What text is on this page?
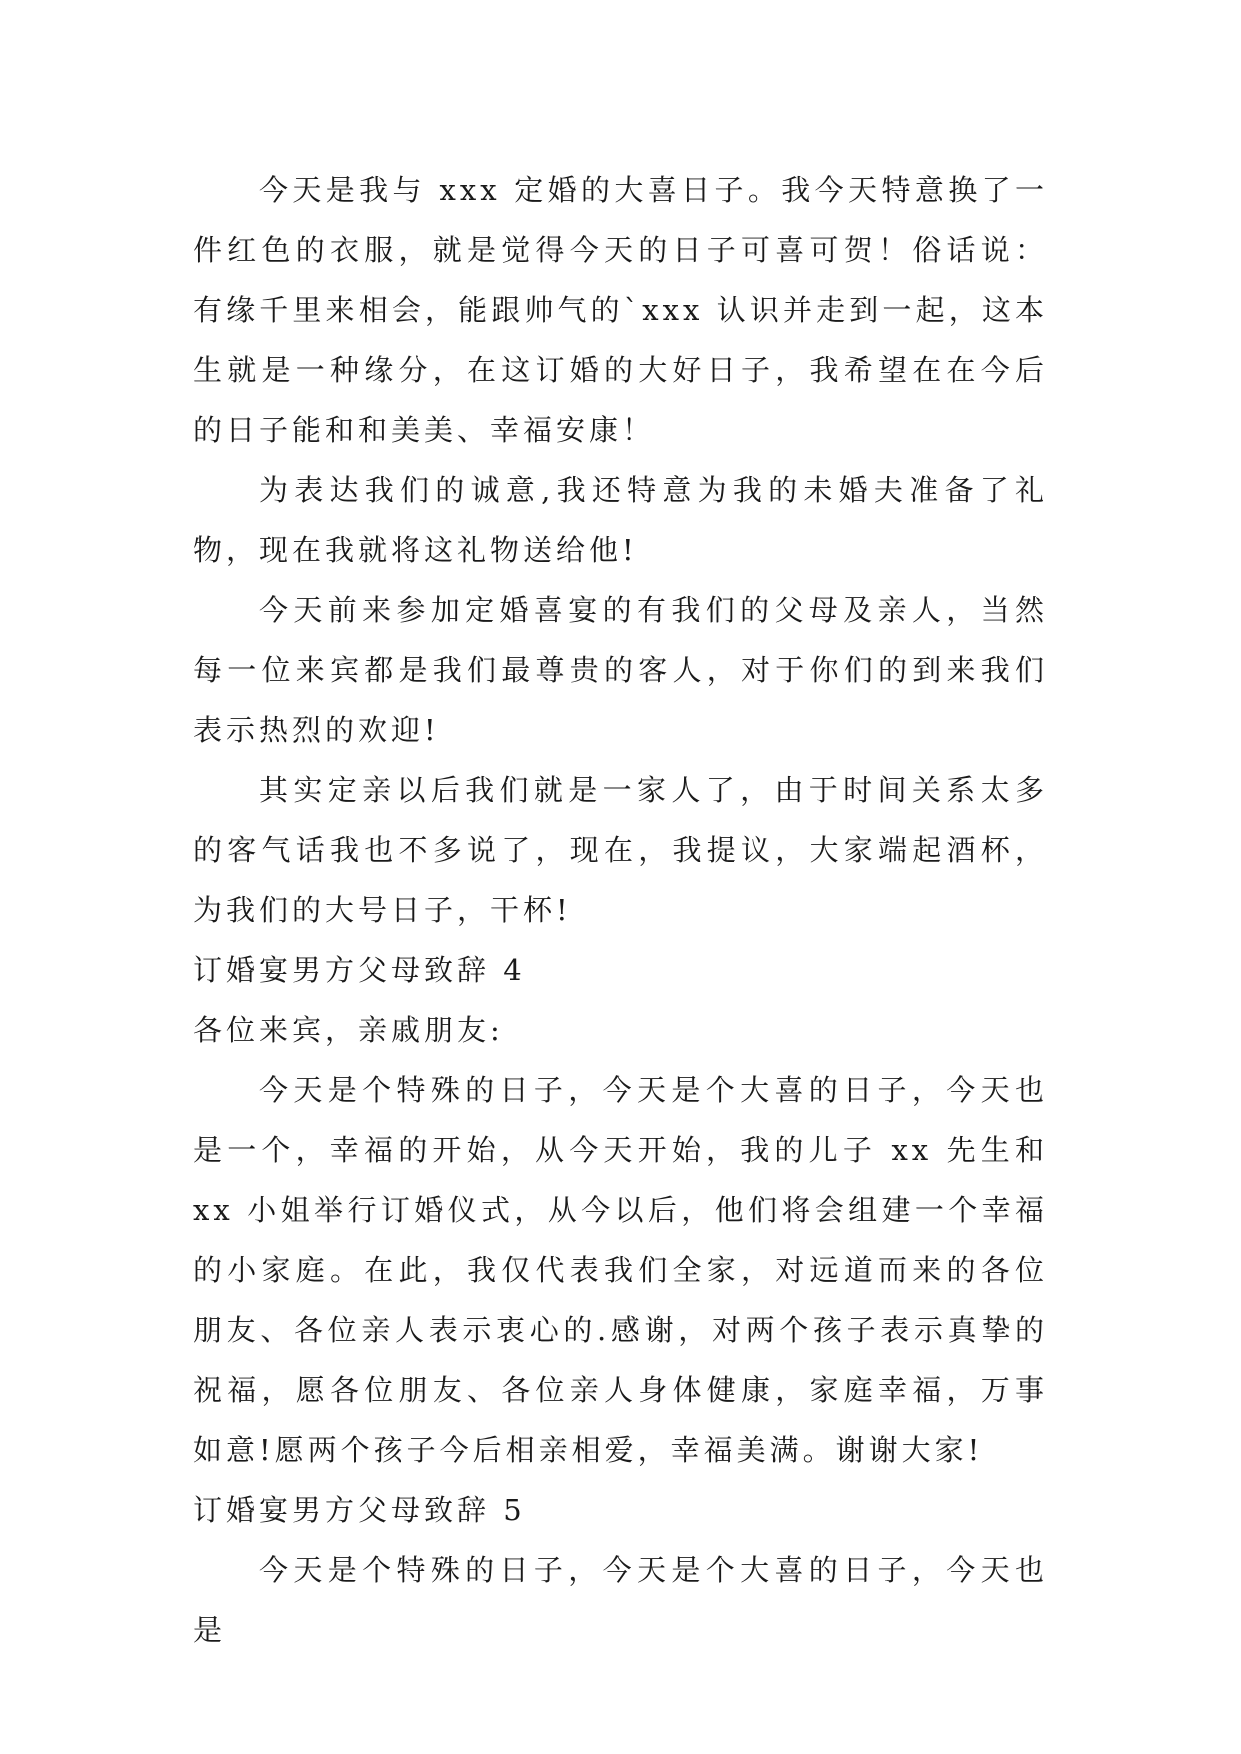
今天是我与 xxx 定婚的大喜日子。我今天特意换了一件红色的衣服，就是觉得今天的日子可喜可贺！俗话说：有缘千里来相会，能跟帅气的`xxx 认识并走到一起，这本生就是一种缘分，在这订婚的大好日子，我希望在在今后的日子能和和美美、幸福安康！

为表达我们的诚意,我还特意为我的未婚夫准备了礼物，现在我就将这礼物送给他!

今天前来参加定婚喜宴的有我们的父母及亲人，当然每一位来宾都是我们最尊贵的客人，对于你们的到来我们表示热烈的欢迎!

其实定亲以后我们就是一家人了，由于时间关系太多的客气话我也不多说了，现在，我提议，大家端起酒杯，为我们的大号日子，干杯!

订婚宴男方父母致辞 4

各位来宾，亲戚朋友:

今天是个特殊的日子，今天是个大喜的日子，今天也是一个，幸福的开始，从今天开始，我的儿子 xx 先生和 xx 小姐举行订婚仪式，从今以后，他们将会组建一个幸福的小家庭。在此，我仅代表我们全家，对远道而来的各位朋友、各位亲人表示衷心的.感谢，对两个孩子表示真挚的祝福，愿各位朋友、各位亲人身体健康，家庭幸福，万事如意!愿两个孩子今后相亲相爱，幸福美满。谢谢大家!

订婚宴男方父母致辞 5

今天是个特殊的日子，今天是个大喜的日子，今天也是
